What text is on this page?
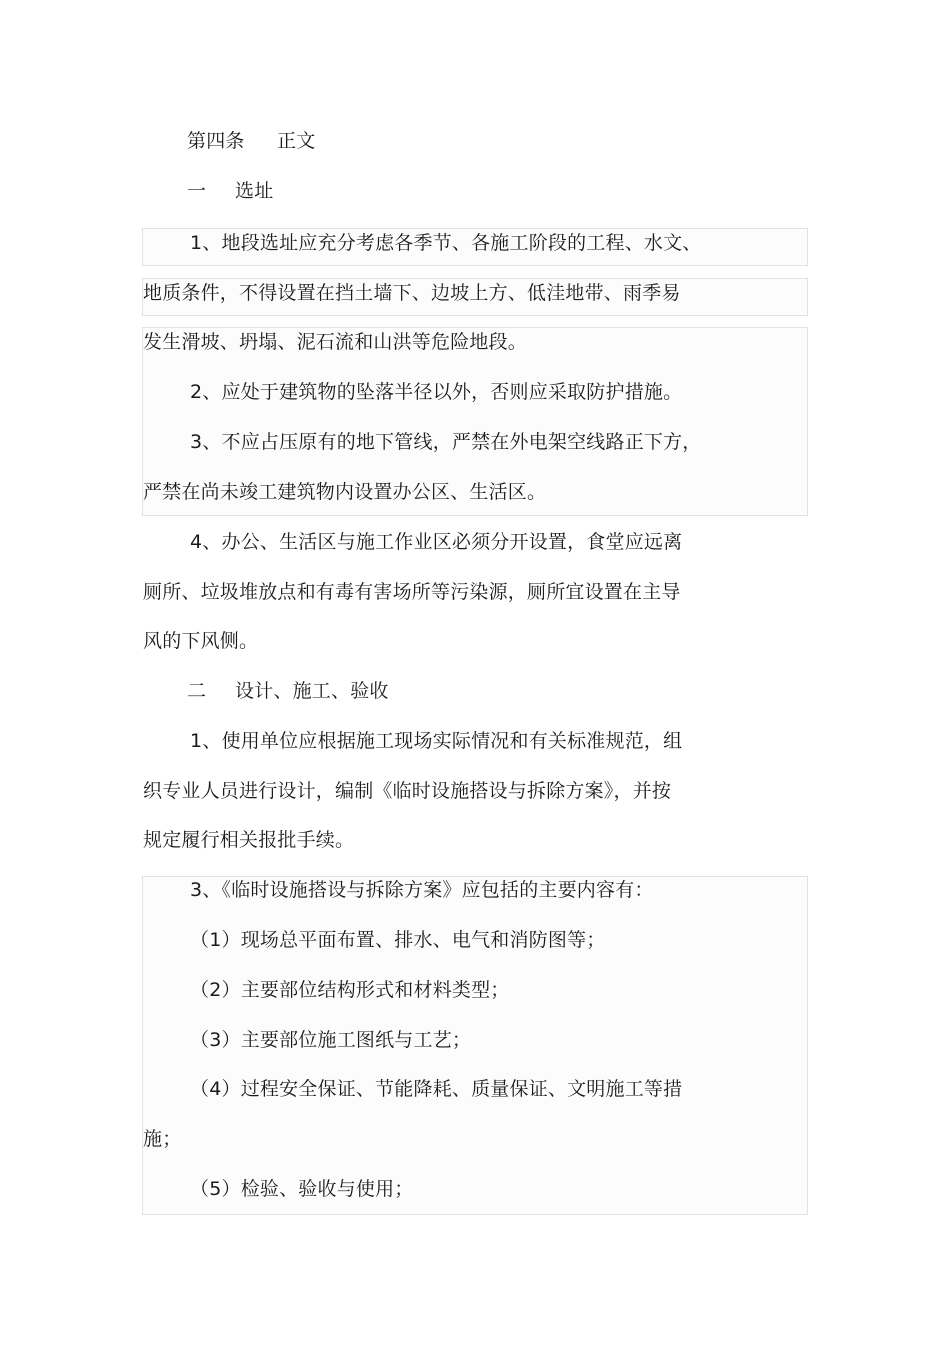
第四条 正文
一 选址
1、地段选址应充分考虑各季节、各施工阶段的工程、水文、
地质条件，不得设置在挡土墙下、边坡上方、低洼地带、雨季易
发生滑坡、坍塌、泥石流和山洪等危险地段。
2、应处于建筑物的坠落半径以外，否则应采取防护措施。
3、不应占压原有的地下管线，严禁在外电架空线路正下方，
严禁在尚未竣工建筑物内设置办公区、生活区。
4、办公、生活区与施工作业区必须分开设置，食堂应远离
厕所、垃圾堆放点和有毒有害场所等污染源，厕所宜设置在主导
风的下风侧。
二 设计、施工、验收
1、使用单位应根据施工现场实际情况和有关标准规范，组
织专业人员进行设计，编制《临时设施搭设与拆除方案》，并按
规定履行相关报批手续。
3、《临时设施搭设与拆除方案》应包括的主要内容有：
（1）现场总平面布置、排水、电气和消防图等；
（2）主要部位结构形式和材料类型；
（3）主要部位施工图纸与工艺；
（4）过程安全保证、节能降耗、质量保证、文明施工等措
施；
（5）检验、验收与使用；
